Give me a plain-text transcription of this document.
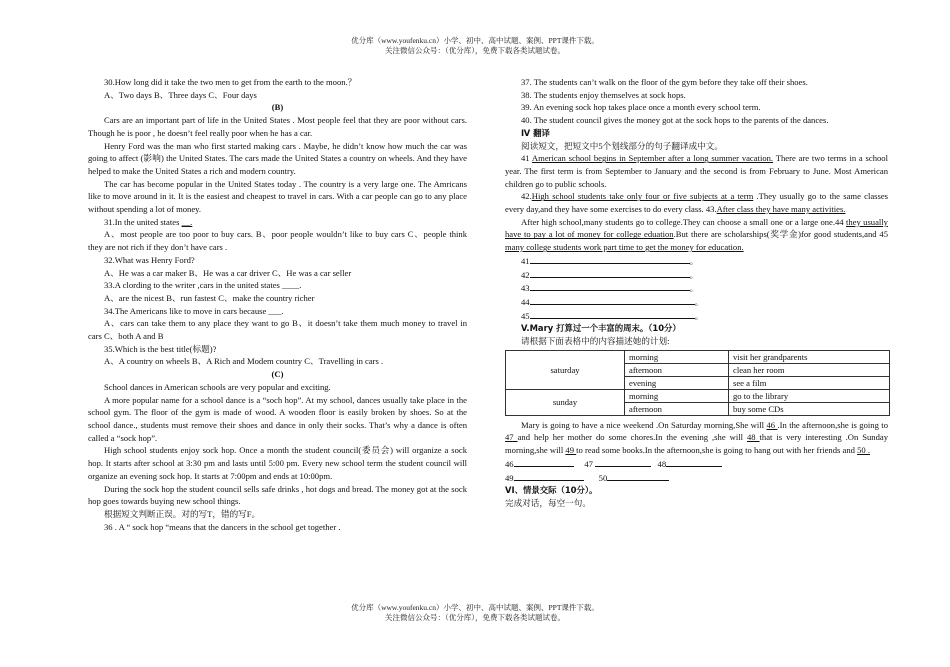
优分库（www.youfenku.cn）小学、初中、高中试题、案例、PPT课件下载。
关注微信公众号：（优分库），免费下载各类试题试卷。

30.How long did it take the two men to get from the earth to the moon.？

A、Two days B、Three days C、Four days

(B)

Cars are an important part of life in the United States . Most people feel that they are poor without cars. Though he is poor , he doesn’t feel really poor when he has a car.

Henry Ford was the man who first started making cars . Maybe, he didn’t know how much the car was going to affect (影响) the United States. The cars made the United States a country on wheels. And they have helped to make the United States a rich and modern country.

The car has become popular in the United States today . The country is a very large one. The Amricans like to move around in it. It is the easiest and cheapest to travel in cars. With a car people can go to any place without spending a lot of money.

31.In the united states __.

A、most people are too poor to buy cars. B、poor people wouldn’t like to buy cars C、people think they are not rich if they don’t have cars .

32.What was Henry Ford?

A、He was a car maker B、He was a car driver C、He was a car seller

33.A clording to the writer ,cars in the united states ____.

A、are the nicest B、run fastest C、make the country richer

34.The Americans like to move in cars because ___.

A、cars can take them to any place they want to go B、it doesn’t take them much money to travel in cars C、both A and B

35.Which is the best title(标题)?

A、A country on wheels B、A Rich and Modem country C、Travelling in cars .

(C)

School dances in American schools are very popular and exciting.

A more popular name for a school dance is a “soch hop”. At my school, dances usually take place in the school gym. The floor of the gym is made of wood. A wooden floor is easily broken by shoes. So at the school dance., students must remove their shoes and dance in only their socks. That’s why a dance is often called a “sock hop”.

High school students enjoy sock hop. Once a month the student council(委员会) will organize a sock hop. It starts after school at 3:30 pm and lasts until 5:00 pm. Every new school term the student council will organize an evening sock hop. It starts at 7:00pm and ends at 10:00pm.

During the sock hop the student council sells safe drinks , hot dogs and bread. The money got at the sock hop goes towards buying new school things.

根据短文判断正误。对的写T，错的写F。

36 . A “ sock hop “means that the dancers in the school get together .

37. The students can’t walk on the floor of the gym before they take off their shoes.

38. The students enjoy themselves at sock hops.

39. An evening sock hop takes place once a month every school term.

40. The student council gives the money got at the sock hops to the parents of the dances.

Ⅳ 翻译

阅读短文，把短文中5个划线部分的句子翻译成中文。

41 American school begins in September after a long summer vacation. There are two terms in a school year. The first term is from September to January and the second is from February to June. Most American children go to public schools.

42.High school students take only four or five subjects at a term .They usually go to the same classes every day,and they have some exercises to do every class. 43.After class they have many activities.

After high school,many students go to college.They can choose a small one or a large one.44 they usually have to pay a lot of money for college eduation.But there are scholarships(奖学金)for good students,and 45 many college students work part time to get the money for education.

41	。

42	。

43	。

44	。

45	。

V.Mary 打算过一个丰富的周末。（10分）

请根据下面表格中的内容描述她的计划:

saturday	morning	visit her grandparents
	afternoon	clean her room
	evening	see a film
sunday	morning	go to the library
	afternoon	buy some CDs

Mary is going to have a nice weekend .On Saturday morning,She will 46 .In the afternoon,she is going to 47 and help her mother do some chores.In the evening ,she will 48 that is very interesting .On Sunday morning,she will 49 to read some books.In the afternoon,she is going to hang out with her friends and 50 .

46	47	48

49	50

VI、情景交际（10分）。

完成对话，每空一句。

优分库（www.youfenku.cn）小学、初中、高中试题、案例、PPT课件下载。
关注微信公众号：（优分库），免费下载各类试题试卷。
